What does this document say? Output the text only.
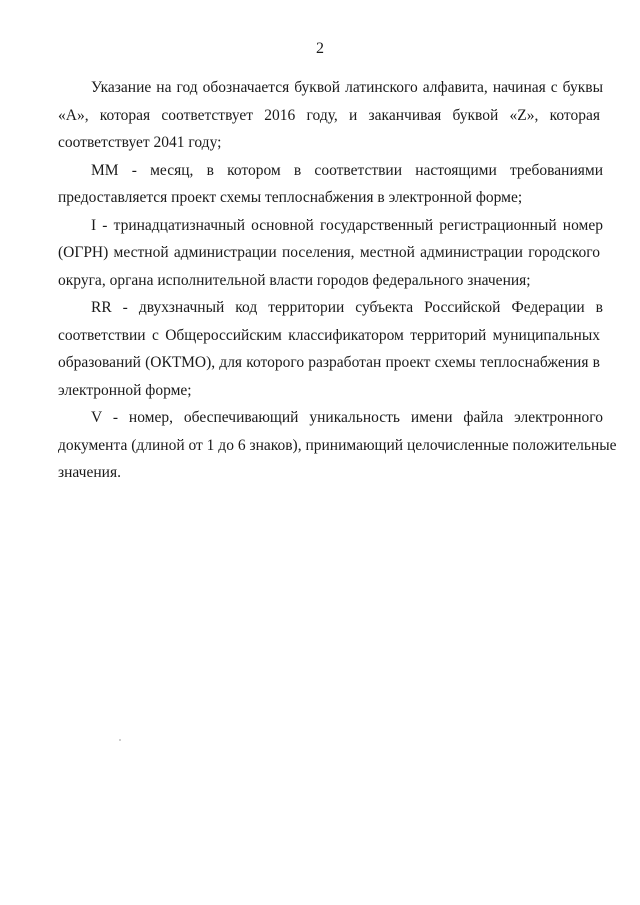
2
Указание на год обозначается буквой латинского алфавита, начиная с буквы
«A», которая соответствует 2016 году, и заканчивая буквой «Z», которая
соответствует 2041 году;
MM - месяц, в котором в соответствии настоящими требованиями
предоставляется проект схемы теплоснабжения в электронной форме;
I - тринадцатизначный основной государственный регистрационный номер
(ОГРН) местной администрации поселения, местной администрации городского
округа, органа исполнительной власти городов федерального значения;
RR - двухзначный код территории субъекта Российской Федерации в
соответствии с Общероссийским классификатором территорий муниципальных
образований (ОКТМО), для которого разработан проект схемы теплоснабжения в
электронной форме;
V - номер, обеспечивающий уникальность имени файла электронного
документа (длиной от 1 до 6 знаков), принимающий целочисленные положительные
значения.
